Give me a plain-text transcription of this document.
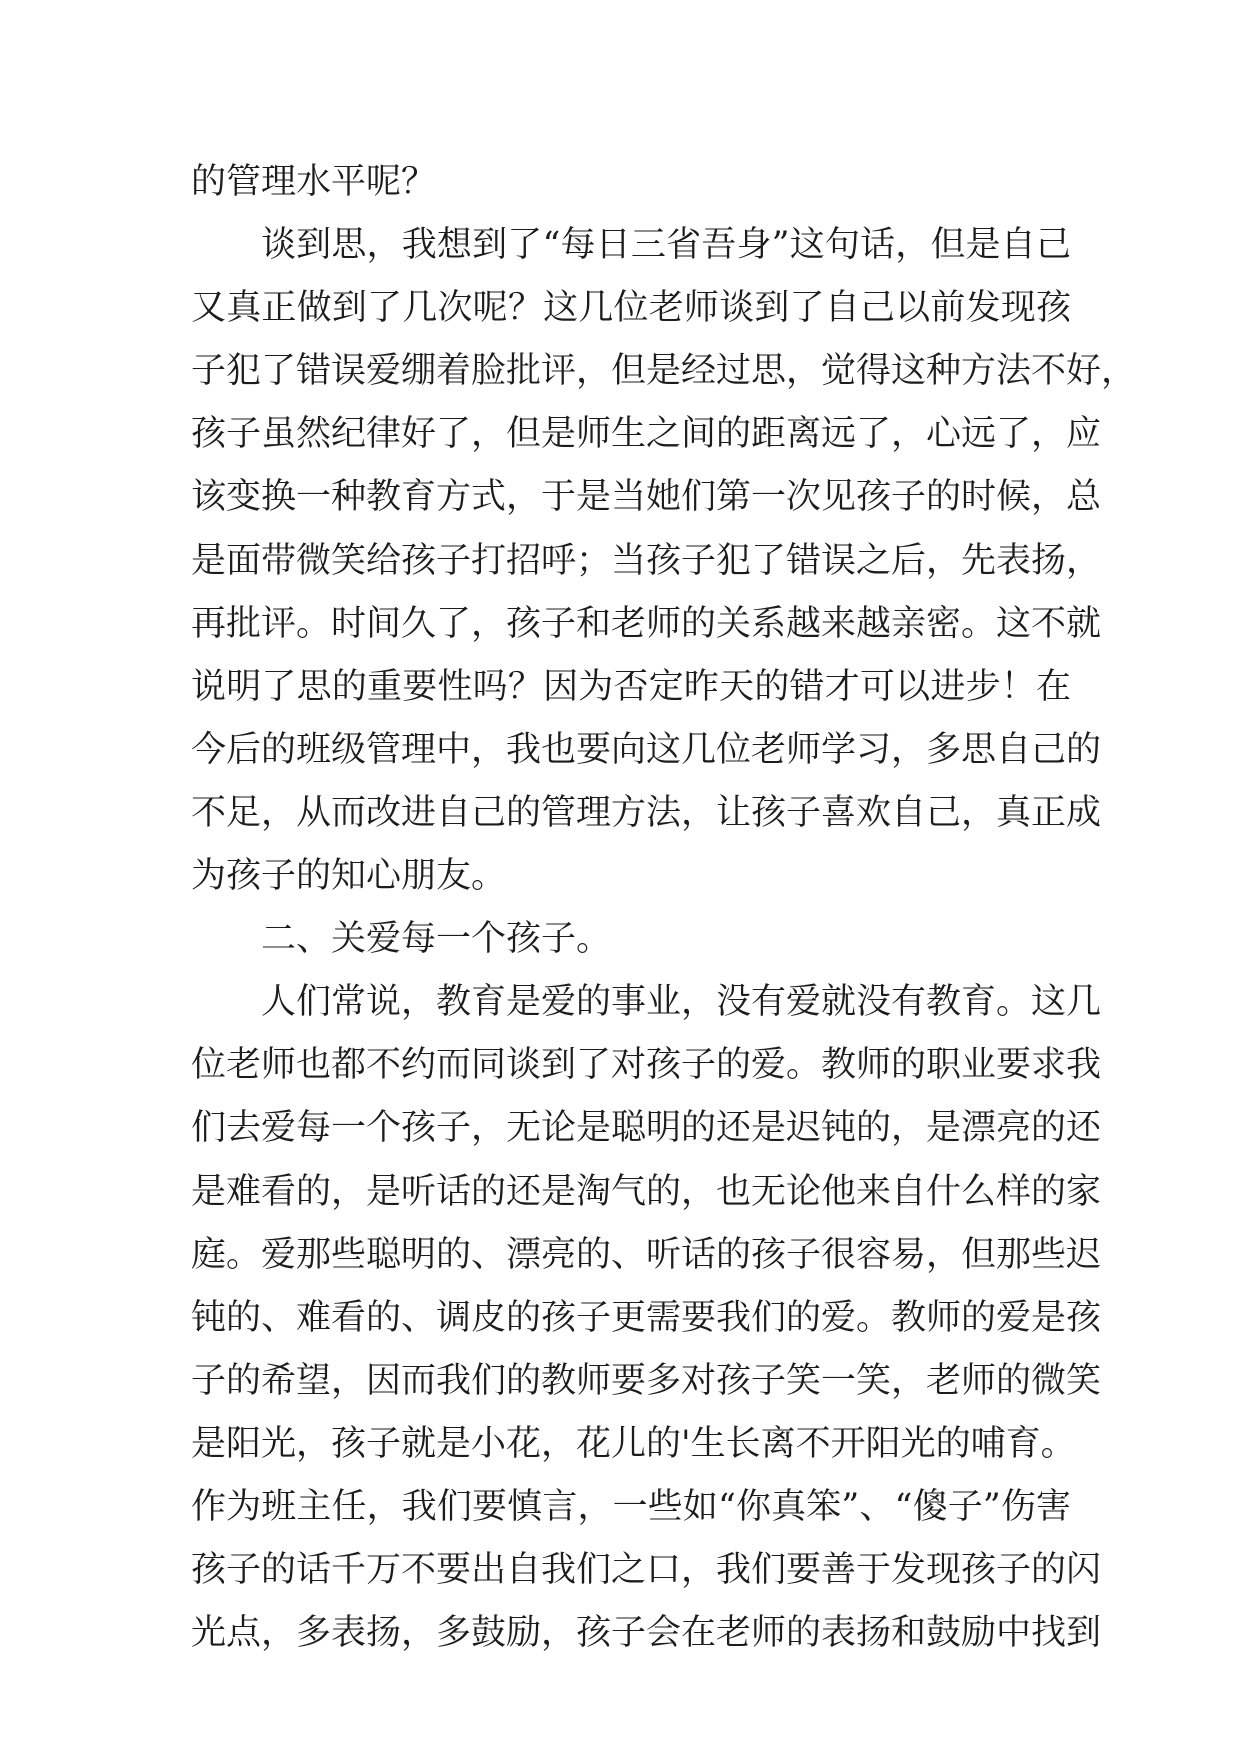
的管理水平呢？
谈到思，我想到了“每日三省吾身”这句话，但是自己
又真正做到了几次呢？这几位老师谈到了自己以前发现孩
子犯了错误爱绷着脸批评，但是经过思，觉得这种方法不好，
孩子虽然纪律好了，但是师生之间的距离远了，心远了，应
该变换一种教育方式，于是当她们第一次见孩子的时候，总
是面带微笑给孩子打招呼；当孩子犯了错误之后，先表扬，
再批评。时间久了，孩子和老师的关系越来越亲密。这不就
说明了思的重要性吗？因为否定昨天的错才可以进步！在
今后的班级管理中，我也要向这几位老师学习，多思自己的
不足，从而改进自己的管理方法，让孩子喜欢自己，真正成
为孩子的知心朋友。
二、关爱每一个孩子。
人们常说，教育是爱的事业，没有爱就没有教育。这几
位老师也都不约而同谈到了对孩子的爱。教师的职业要求我
们去爱每一个孩子，无论是聪明的还是迟钝的，是漂亮的还
是难看的，是听话的还是淘气的，也无论他来自什么样的家
庭。爱那些聪明的、漂亮的、听话的孩子很容易，但那些迟
钝的、难看的、调皮的孩子更需要我们的爱。教师的爱是孩
子的希望，因而我们的教师要多对孩子笑一笑，老师的微笑
是阳光，孩子就是小花，花儿的'生长离不开阳光的哺育。
作为班主任，我们要慎言，一些如“你真笨”、“傻子”伤害
孩子的话千万不要出自我们之口，我们要善于发现孩子的闪
光点，多表扬，多鼓励，孩子会在老师的表扬和鼓励中找到
